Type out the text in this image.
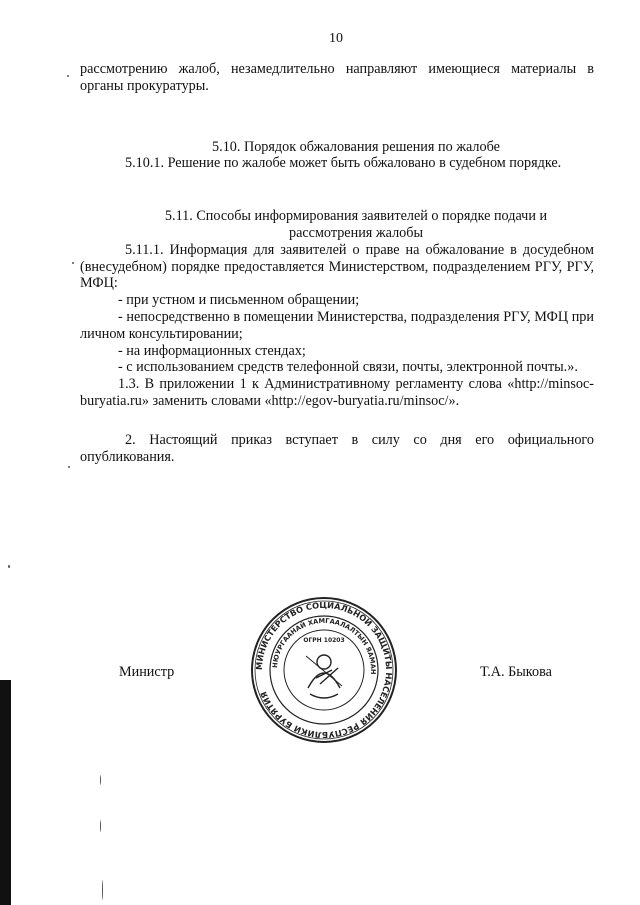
10

рассмотрению жалоб, незамедлительно направляют имеющиеся материалы в органы прокуратуры.

5.10. Порядок обжалования решения по жалобе

5.10.1. Решение по жалобе может быть обжаловано в судебном порядке.

5.11. Способы информирования заявителей о порядке подачи и

рассмотрения жалобы

5.11.1. Информация для заявителей о праве на обжалование в досудебном (внесудебном) порядке предоставляется Министерством, подразделением РГУ, РГУ, МФЦ:

- при устном и письменном обращении;

- непосредственно в помещении Министерства, подразделения РГУ, МФЦ при личном консультировании;

- на информационных стендах;

- с использованием средств телефонной связи, почты, электронной почты.».

1.3. В приложении 1 к Административному регламенту слова «http://minsoc-buryatia.ru» заменить словами «http://egov-buryatia.ru/minsoc/».

2. Настоящий приказ вступает в силу со дня его официального опубликования.

Министр	Т.А. Быкова
МИНИСТЕРСТВО СОЦИАЛЬНОЙ ЗАЩИТЫ НАСЕЛЕНИЯ РЕСПУБЛИКИ БУРЯТИЯ
НЮУРГААНАЙ ХАМГААЛАЛТЫН ЯАМАН
ОГРН 10203
